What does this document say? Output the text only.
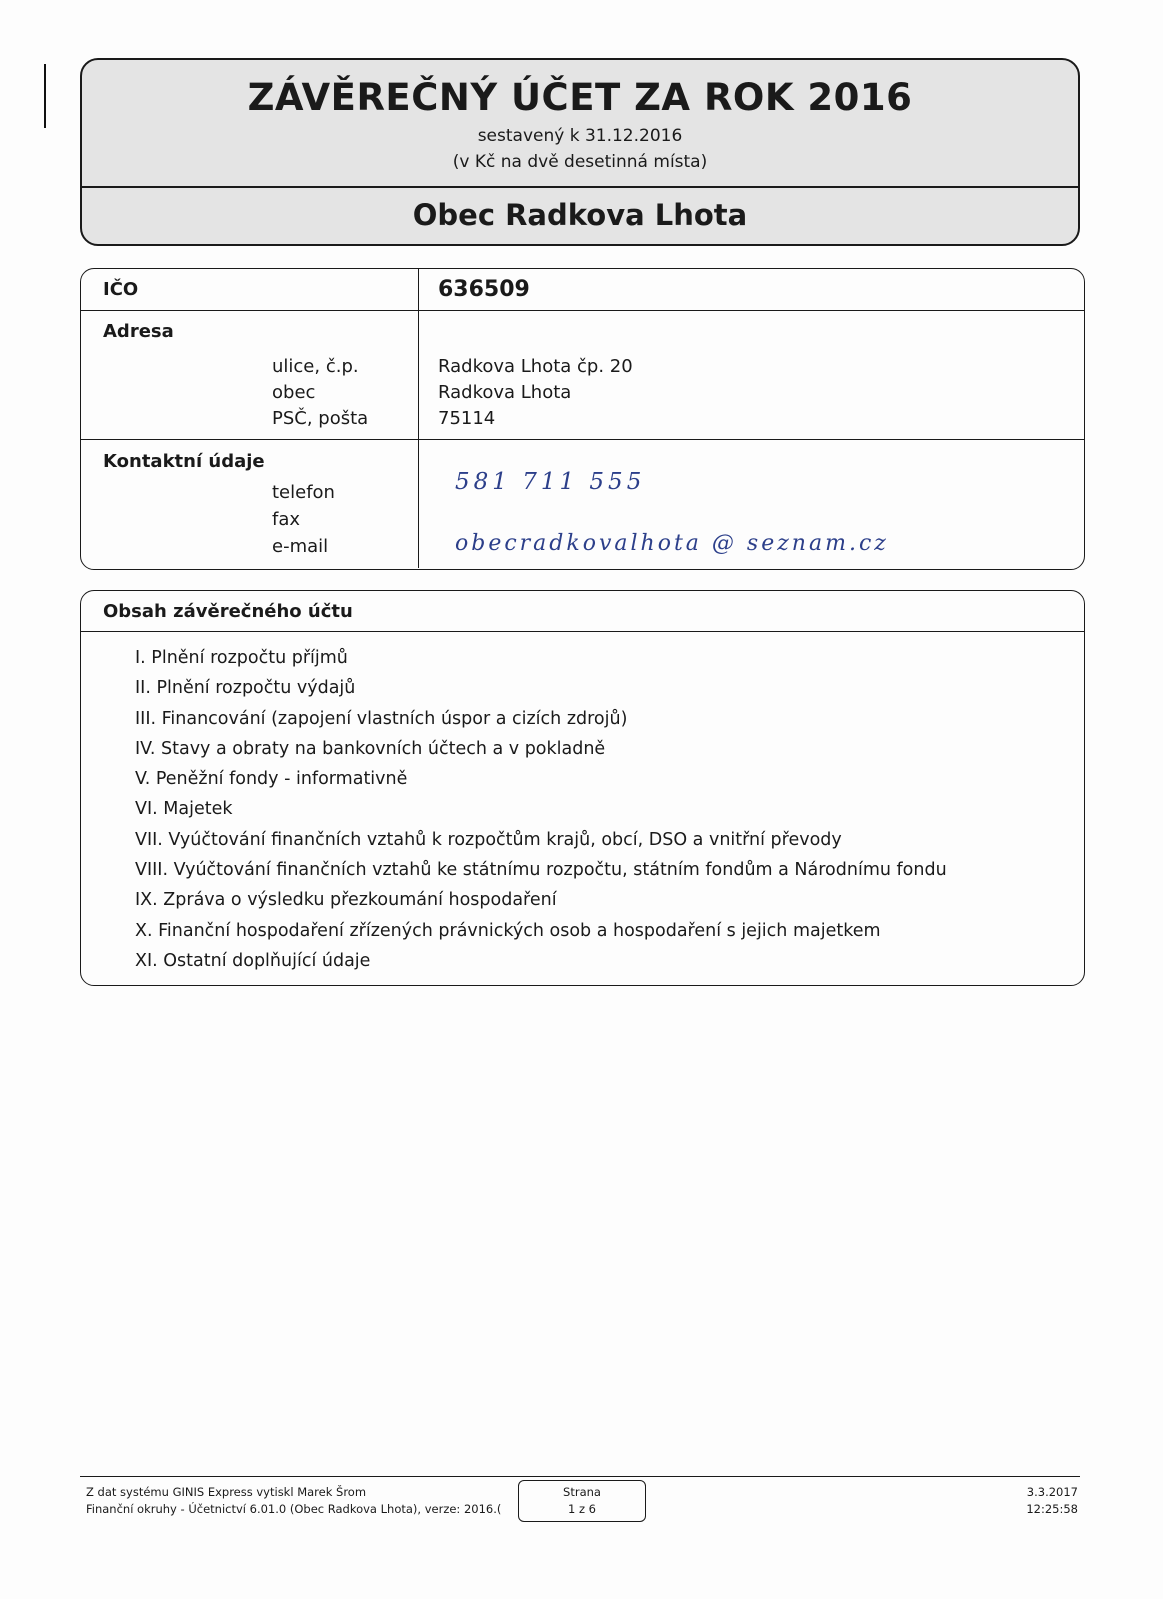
ZÁVĚREČNÝ ÚČET ZA ROK 2016
sestavený k 31.12.2016
(v Kč na dvě desetinná místa)
Obec Radkova Lhota
IČO	636509
Adresa
ulice, č.p.	Radkova Lhota čp. 20
obec	Radkova Lhota
PSČ, pošta	75114
Kontaktní údaje
telefon	581 711 555
fax
e-mail	obecradkovalhota @ seznam.cz
Obsah závěrečného účtu
I. Plnění rozpočtu příjmů
II. Plnění rozpočtu výdajů
III. Financování (zapojení vlastních úspor a cizích zdrojů)
IV. Stavy a obraty na bankovních účtech a v pokladně
V. Peněžní fondy - informativně
VI. Majetek
VII. Vyúčtování finančních vztahů k rozpočtům krajů, obcí, DSO a vnitřní převody
VIII. Vyúčtování finančních vztahů ke státnímu rozpočtu, státním fondům a Národnímu fondu
IX. Zpráva o výsledku přezkoumání hospodaření
X. Finanční hospodaření zřízených právnických osob a hospodaření s jejich majetkem
XI. Ostatní doplňující údaje
Z dat systému GINIS Express vytiskl Marek Šrom
Finanční okruhy - Účetnictví 6.01.0 (Obec Radkova Lhota), verze: 2016.(
Strana
1 z 6
3.3.2017
12:25:58
